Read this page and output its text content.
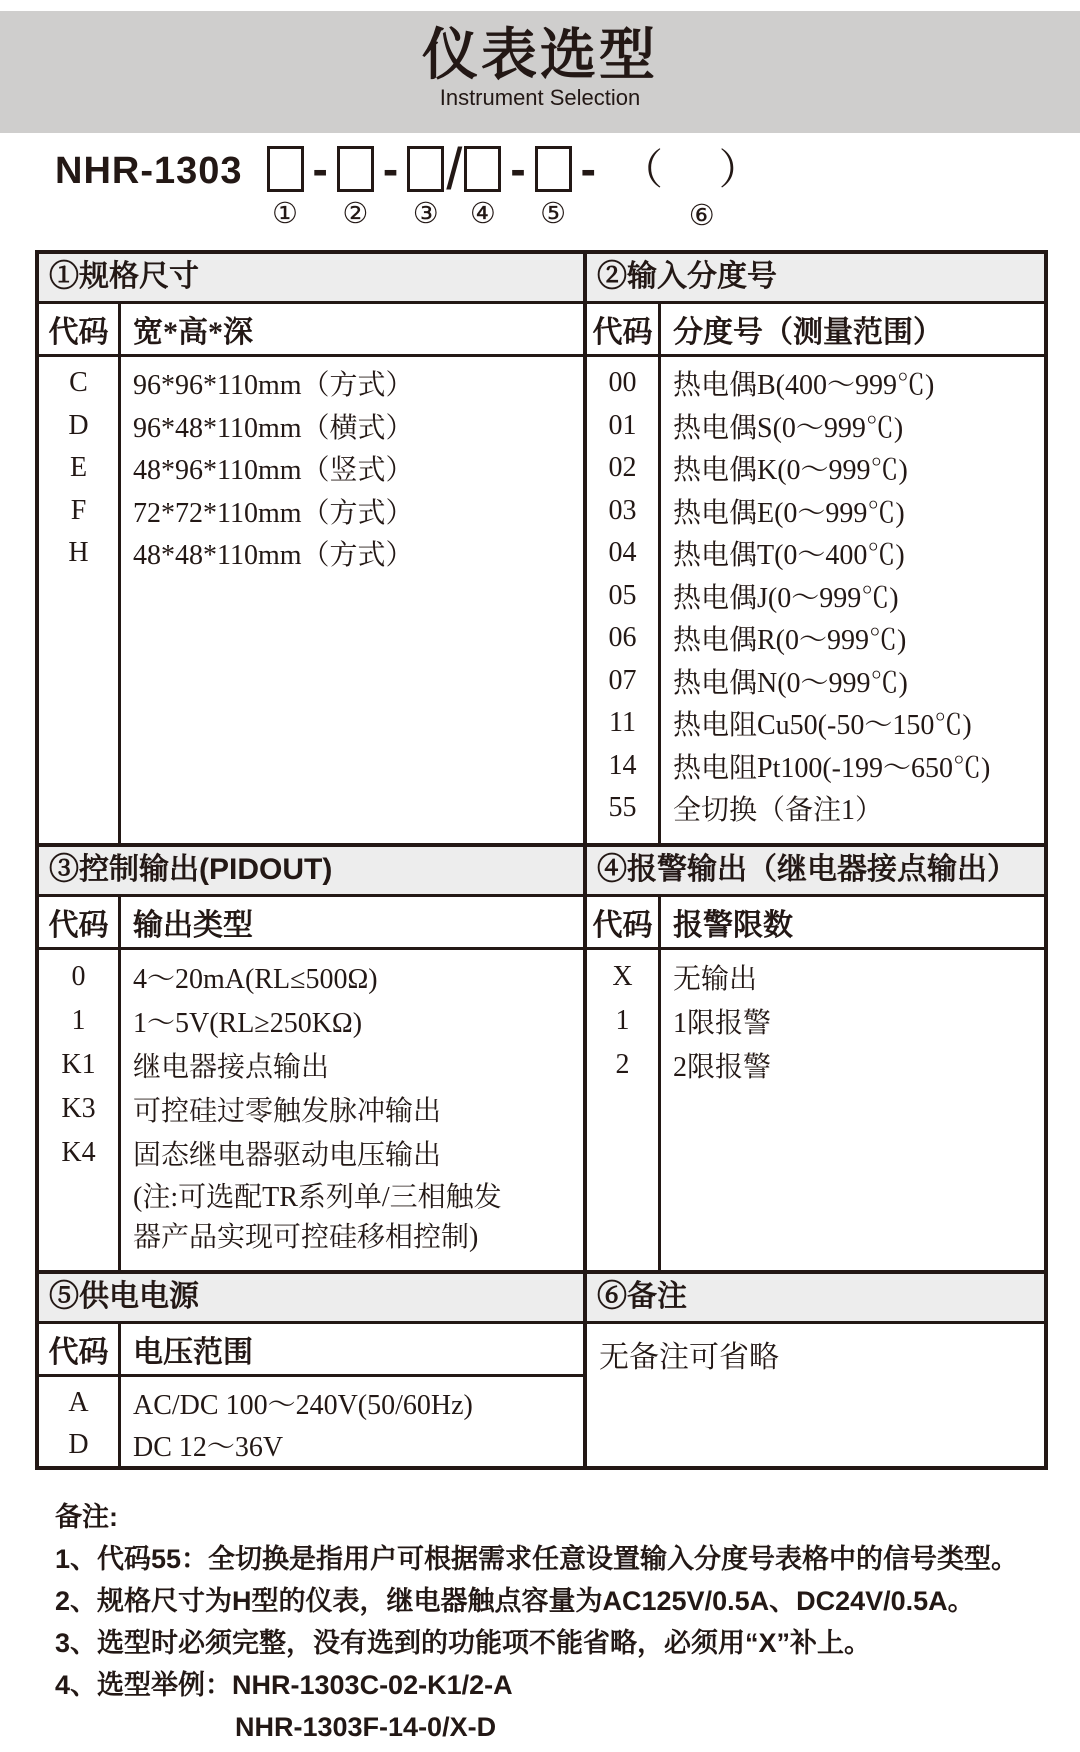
仪表选型
Instrument Selection
NHR-1303
①
-
②
-
③
/
④
-
⑤
- （ ）
⑥
①规格尺寸
代码 宽*高*深
C
D
E
F
H
96*96*110mm（方式）
96*48*110mm（横式）
48*96*110mm（竖式）
72*72*110mm（方式）
48*48*110mm（方式）
②输入分度号
代码 分度号（测量范围）
00
01
02
03
04
05
06
07
11
14
55
热电偶B(400～999℃)
热电偶S(0～999℃)
热电偶K(0～999℃)
热电偶E(0～999℃)
热电偶T(0～400℃)
热电偶J(0～999℃)
热电偶R(0～999℃)
热电偶N(0～999℃)
热电阻Cu50(-50～150℃)
热电阻Pt100(-199～650℃)
全切换（备注1）
③控制输出(PIDOUT)
代码 输出类型
0
1
K1
K3
K4
4～20mA(RL≤500Ω)
1～5V(RL≥250KΩ)
继电器接点输出
可控硅过零触发脉冲输出
固态继电器驱动电压输出
(注:可选配TR系列单/三相触发
器产品实现可控硅移相控制)
④报警输出（继电器接点输出）
代码 报警限数
X
1
2
无输出
1限报警
2限报警
⑤供电电源
代码 电压范围
A
D
AC/DC 100～240V(50/60Hz)
DC 12～36V
⑥备注
无备注可省略
备注:
1、代码55：全切换是指用户可根据需求任意设置输入分度号表格中的信号类型。
2、规格尺寸为H型的仪表，继电器触点容量为AC125V/0.5A、DC24V/0.5A。
3、选型时必须完整，没有选到的功能项不能省略，必须用“X”补上。
4、选型举例：NHR-1303C-02-K1/2-A
NHR-1303F-14-0/X-D
